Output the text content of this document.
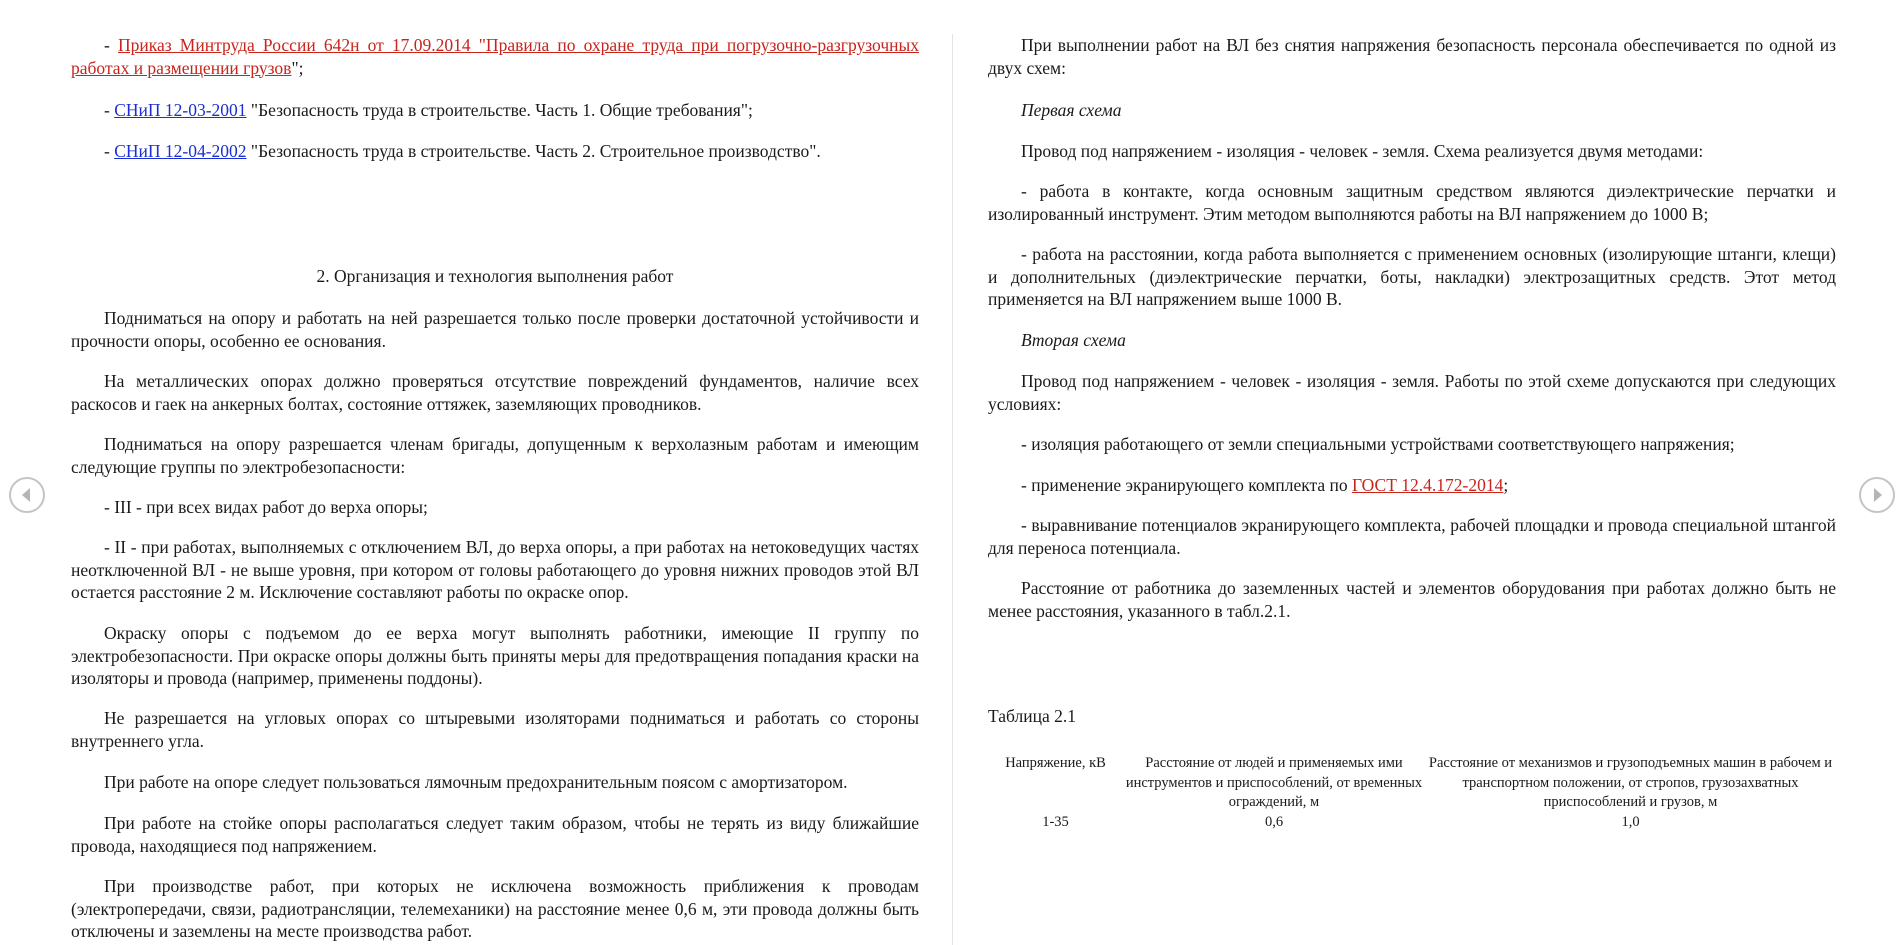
- Приказ Минтруда России 642н от 17.09.2014 "Правила по охране труда при погрузочно-разгрузочных работах и размещении грузов";

- СНиП 12-03-2001 "Безопасность труда в строительстве. Часть 1. Общие требования";

- СНиП 12-04-2002 "Безопасность труда в строительстве. Часть 2. Строительное производство".

2. Организация и технология выполнения работ

Подниматься на опору и работать на ней разрешается только после проверки достаточной устойчивости и прочности опоры, особенно ее основания.

На металлических опорах должно проверяться отсутствие повреждений фундаментов, наличие всех раскосов и гаек на анкерных болтах, состояние оттяжек, заземляющих проводников.

Подниматься на опору разрешается членам бригады, допущенным к верхолазным работам и имеющим следующие группы по электробезопасности:

- III - при всех видах работ до верха опоры;

- II - при работах, выполняемых с отключением ВЛ, до верха опоры, а при работах на нетоковедущих частях неотключенной ВЛ - не выше уровня, при котором от головы работающего до уровня нижних проводов этой ВЛ остается расстояние 2 м. Исключение составляют работы по окраске опор.

Окраску опоры с подъемом до ее верха могут выполнять работники, имеющие II группу по электробезопасности. При окраске опоры должны быть приняты меры для предотвращения попадания краски на изоляторы и провода (например, применены поддоны).

Не разрешается на угловых опорах со штыревыми изоляторами подниматься и работать со стороны внутреннего угла.

При работе на опоре следует пользоваться лямочным предохранительным поясом с амортизатором.

При работе на стойке опоры располагаться следует таким образом, чтобы не терять из виду ближайшие провода, находящиеся под напряжением.

При производстве работ, при которых не исключена возможность приближения к проводам (электропередачи, связи, радиотрансляции, телемеханики) на расстояние менее 0,6 м, эти провода должны быть отключены и заземлены на месте производства работ.

При выполнении работ на ВЛ без снятия напряжения безопасность персонала обеспечивается по одной из двух схем:

Первая схема

Провод под напряжением - изоляция - человек - земля. Схема реализуется двумя методами:

- работа в контакте, когда основным защитным средством являются диэлектрические перчатки и изолированный инструмент. Этим методом выполняются работы на ВЛ напряжением до 1000 В;

- работа на расстоянии, когда работа выполняется с применением основных (изолирующие штанги, клещи) и дополнительных (диэлектрические перчатки, боты, накладки) электрозащитных средств. Этот метод применяется на ВЛ напряжением выше 1000 В.

Вторая схема

Провод под напряжением - человек - изоляция - земля. Работы по этой схеме допускаются при следующих условиях:

- изоляция работающего от земли специальными устройствами соответствующего напряжения;

- применение экранирующего комплекта по ГОСТ 12.4.172-2014;

- выравнивание потенциалов экранирующего комплекта, рабочей площадки и провода специальной штангой для переноса потенциала.

Расстояние от работника до заземленных частей и элементов оборудования при работах должно быть не менее расстояния, указанного в табл.2.1.

Таблица 2.1

Напряжение, кВ	Расстояние от людей и применяемых ими инструментов и приспособлений, от временных ограждений, м	Расстояние от механизмов и грузоподъемных машин в рабочем и транспортном положении, от стропов, грузозахватных приспособлений и грузов, м
1-35	0,6	1,0
